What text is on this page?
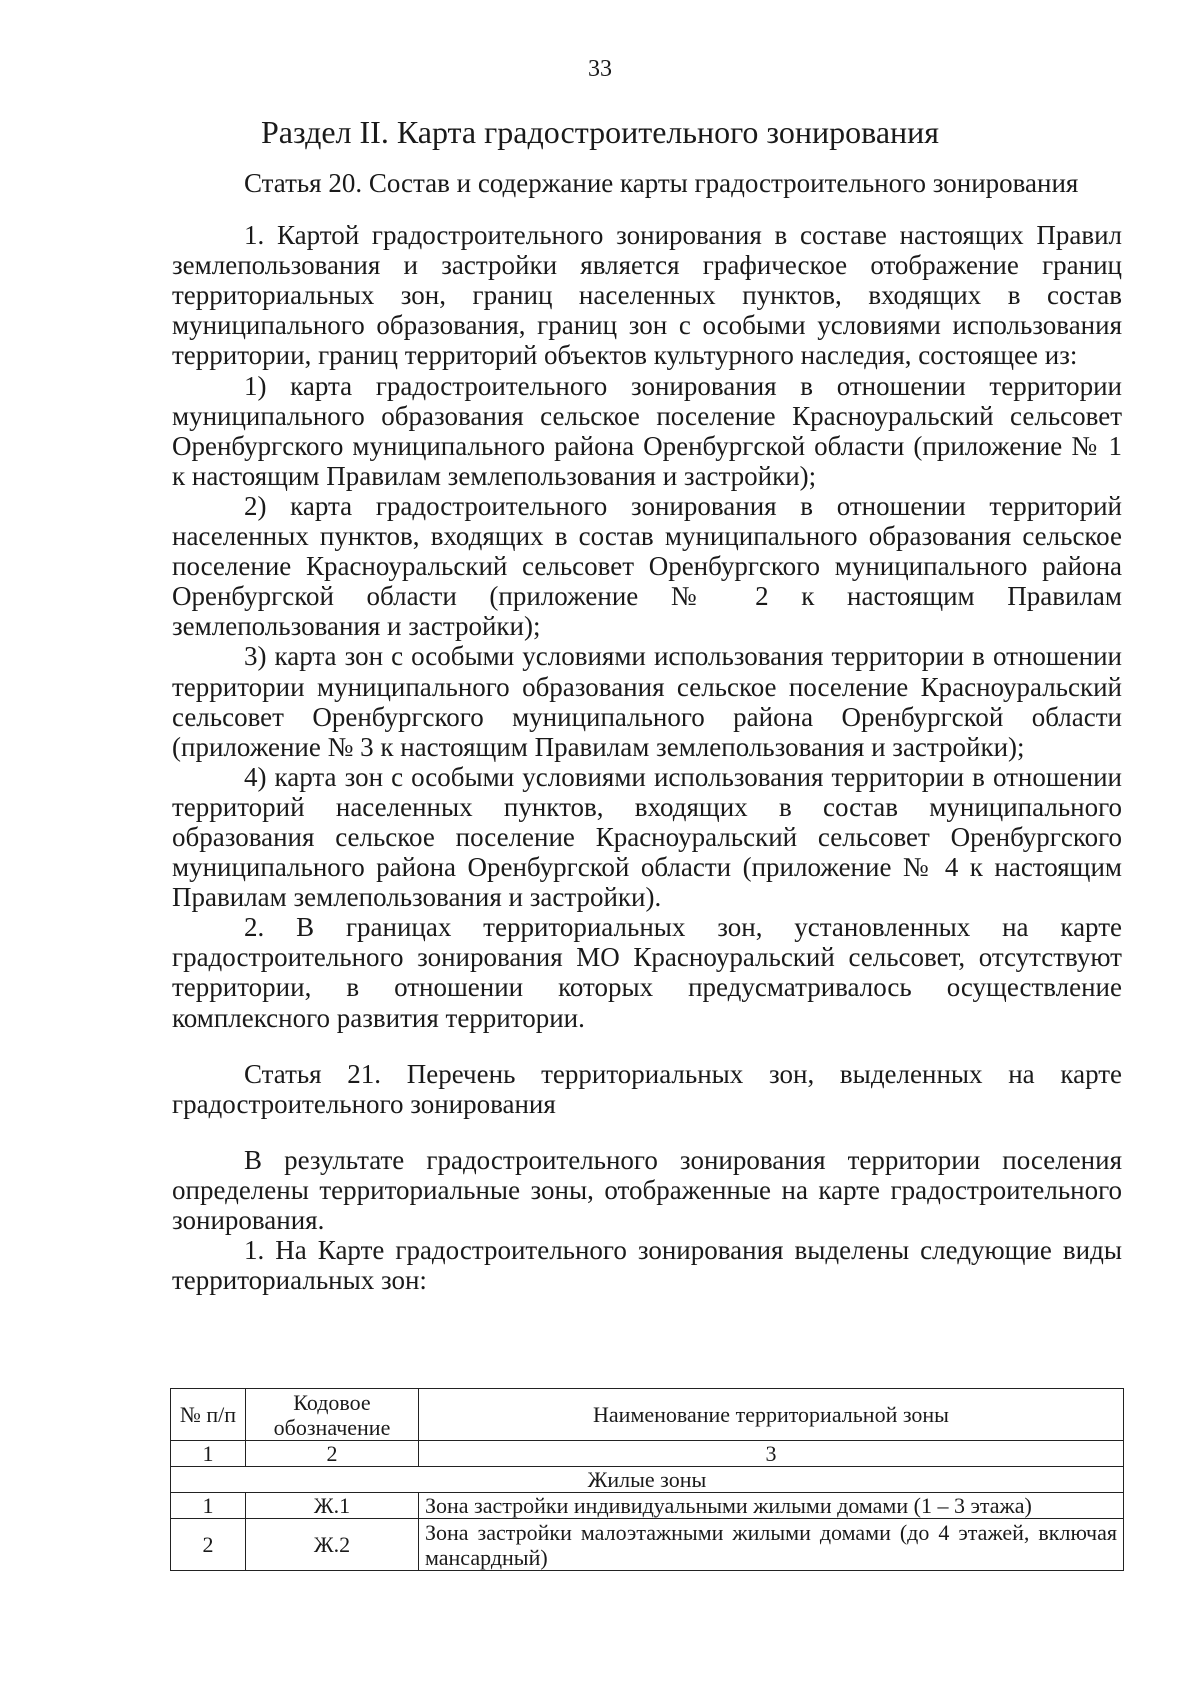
33
Раздел II. Карта градостроительного зонирования

Статья 20. Состав и содержание карты градостроительного зонирования

1. Картой градостроительного зонирования в составе настоящих Правил землепользования и застройки является графическое отображение границ территориальных зон, границ населенных пунктов, входящих в состав муниципального образования, границ зон с особыми условиями использования территории, границ территорий объектов культурного наследия, состоящее из:

1) карта градостроительного зонирования в отношении территории муниципального образования сельское поселение Красноуральский сельсовет Оренбургского муниципального района Оренбургской области (приложение № 1 к настоящим Правилам землепользования и застройки);

2) карта градостроительного зонирования в отношении территорий населенных пунктов, входящих в состав муниципального образования сельское поселение Красноуральский сельсовет Оренбургского муниципального района Оренбургской области (приложение № 2 к настоящим Правилам землепользования и застройки);

3) карта зон с особыми условиями использования территории в отношении территории муниципального образования сельское поселение Красноуральский сельсовет Оренбургского муниципального района Оренбургской области (приложение № 3 к настоящим Правилам землепользования и застройки);

4) карта зон с особыми условиями использования территории в отношении территорий населенных пунктов, входящих в состав муниципального образования сельское поселение Красноуральский сельсовет Оренбургского муниципального района Оренбургской области (приложение № 4 к настоящим Правилам землепользования и застройки).

2. В границах территориальных зон, установленных на карте градостроительного зонирования МО Красноуральский сельсовет, отсутствуют территории, в отношении которых предусматривалось осуществление комплексного развития территории.

Статья 21. Перечень территориальных зон, выделенных на карте градостроительного зонирования

В результате градостроительного зонирования территории поселения определены территориальные зоны, отображенные на карте градостроительного зонирования.

1. На Карте градостроительного зонирования выделены следующие виды территориальных зон:

№ п/п	Кодовое обозначение	Наименование территориальной зоны
1	2	3
Жилые зоны		
1	Ж.1	Зона застройки индивидуальными жилыми домами (1 – 3 этажа)
2	Ж.2	Зона застройки малоэтажными жилыми домами (до 4 этажей, включая мансардный)
